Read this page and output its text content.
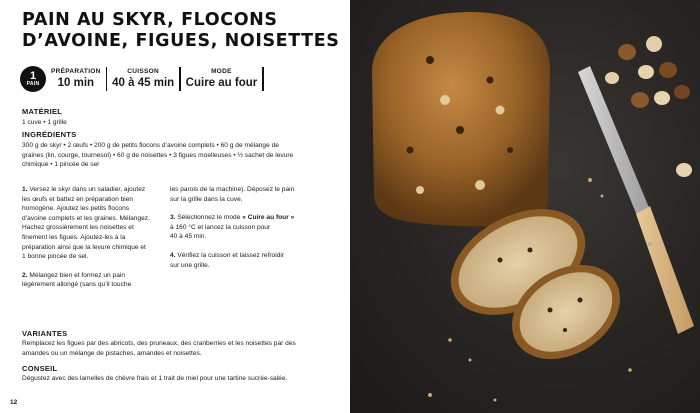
PAIN AU SKYR, FLOCONS D’AVOINE, FIGUES, NOISETTES
1
PAIN
PRÉPARATION
10 min
CUISSON
40 à 45 min
MODE
Cuire au four
MATÉRIEL
1 cuve • 1 grille
INGRÉDIENTS
300 g de skyr • 2 œufs • 200 g de petits flocons d’avoine complets • 60 g de mélange de
graines (lin, courge, tournesol) • 60 g de noisettes • 3 figues moelleuses • ½ sachet de levure
chimique • 1 pincée de sel
1. Versez le skyr dans un saladier, ajoutez
les œufs et battez en préparation bien
homogène. Ajoutez les petits flocons
d’avoine complets et les graines. Mélangez.
Hachez grossièrement les noisettes et
finement les figues. Ajoutez-les à la
préparation ainsi que la levure chimique et
1 bonne pincée de sel.
2. Mélangez bien et formez un pain
légèrement allongé (sans qu’il touche
les parois de la machine). Déposez le pain
sur la grille dans la cuve.
3. Sélectionnez le mode « Cuire au four »
à 160 °C et lancez la cuisson pour
40 à 45 min.
4. Vérifiez la cuisson et laissez refroidir
sur une grille.
VARIANTES
Remplacez les figues par des abricots, des pruneaux, des cranberries et les noisettes par des
amandes ou un mélange de pistaches, amandes et noisettes.
CONSEIL
Dégustez avec des lamelles de chèvre frais et 1 trait de miel pour une tartine sucrée-salée.
12
